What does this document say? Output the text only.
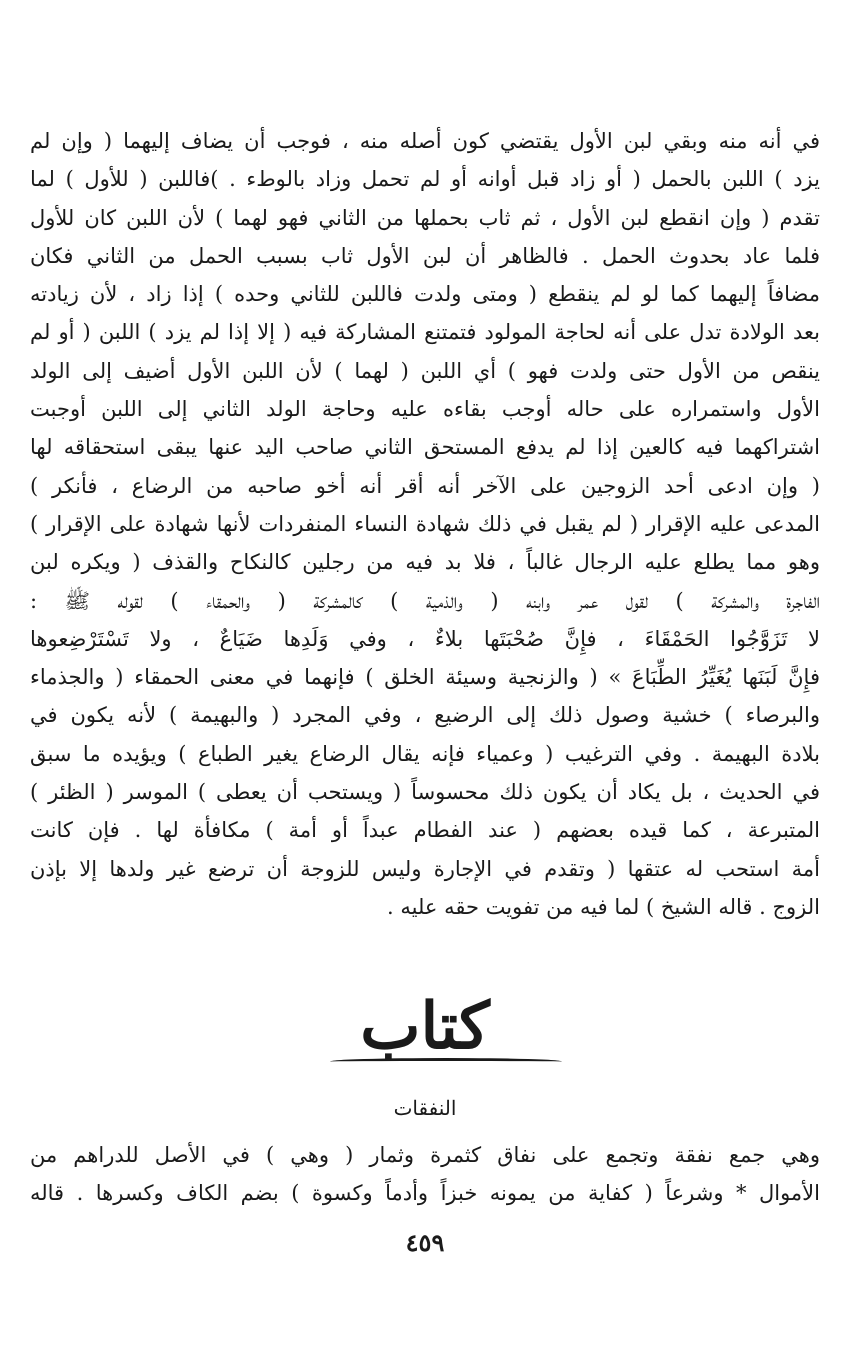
في أنه منه وبقي لبن الأول يقتضي كون أصله منه ، فوجب أن يضاف إليهما ( وإن لم
يزد ) اللبن بالحمل ( أو زاد قبل أوانه أو لم تحمل وزاد بالوطء . )فاللبن ( للأول ) لما
تقدم ( وإن انقطع لبن الأول ، ثم ثاب بحملها من الثاني فهو لهما ) لأن اللبن كان للأول
فلما عاد بحدوث الحمل . فالظاهر أن لبن الأول ثاب بسبب الحمل من الثاني فكان
مضافاً إليهما كما لو لم ينقطع ( ومتى ولدت فاللبن للثاني وحده ) إذا زاد ، لأن زيادته
بعد الولادة تدل على أنه لحاجة المولود فتمتنع المشاركة فيه ( إلا إذا لم يزد ) اللبن ( أو لم
ينقص من الأول حتى ولدت فهو ) أي اللبن ( لهما ) لأن اللبن الأول أضيف إلى الولد
الأول واستمراره على حاله أوجب بقاءه عليه وحاجة الولد الثاني إلى اللبن أوجبت
اشتراكهما فيه كالعين إذا لم يدفع المستحق الثاني صاحب اليد عنها يبقى استحقاقه لها
( وإن ادعى أحد الزوجين على الآخر أنه أقر أنه أخو صاحبه من الرضاع ، فأنكر )
المدعى عليه الإقرار ( لم يقبل في ذلك شهادة النساء المنفردات لأنها شهادة على الإقرار )
وهو مما يطلع عليه الرجال غالباً ، فلا بد فيه من رجلين كالنكاح والقذف ( ويكره لبن
الفاجرة والمشركة ) لقول عمر وابنه ( والذمية ) كالمشركة ( والحمقاء ) لقوله ﷺ :
لا تَزَوَّجُوا الحَمْقَاءَ ، فإِنَّ صُحْبَتَها بلاءٌ ، وفي وَلَدِها ضَيَاعٌ ، ولا تَسْتَرْضِعوها
فإِنَّ لَبَنَها يُغَيِّرُ الطِّبَاعَ » ( والزنجية وسيئة الخلق ) فإنهما في معنى الحمقاء ( والجذماء
والبرصاء ) خشية وصول ذلك إلى الرضيع ، وفي المجرد ( والبهيمة ) لأنه يكون في
بلادة البهيمة . وفي الترغيب ( وعمياء فإنه يقال الرضاع يغير الطباع ) ويؤيده ما سبق
في الحديث ، بل يكاد أن يكون ذلك محسوساً ( ويستحب أن يعطى ) الموسر ( الظئر )
المتبرعة ، كما قيده بعضهم ( عند الفطام عبداً أو أمة ) مكافأة لها . فإن كانت
أمة استحب له عتقها ( وتقدم في الإجارة وليس للزوجة أن ترضع غير ولدها إلا بإذن
الزوج . قاله الشيخ ) لما فيه من تفويت حقه عليه .
كتاب
النفقات
وهي جمع نفقة وتجمع على نفاق كثمرة وثمار ( وهي ) في الأصل للدراهم من
الأموال * وشرعاً ( كفاية من يمونه خبزاً وأدماً وكسوة ) بضم الكاف وكسرها . قاله
٤٥٩
